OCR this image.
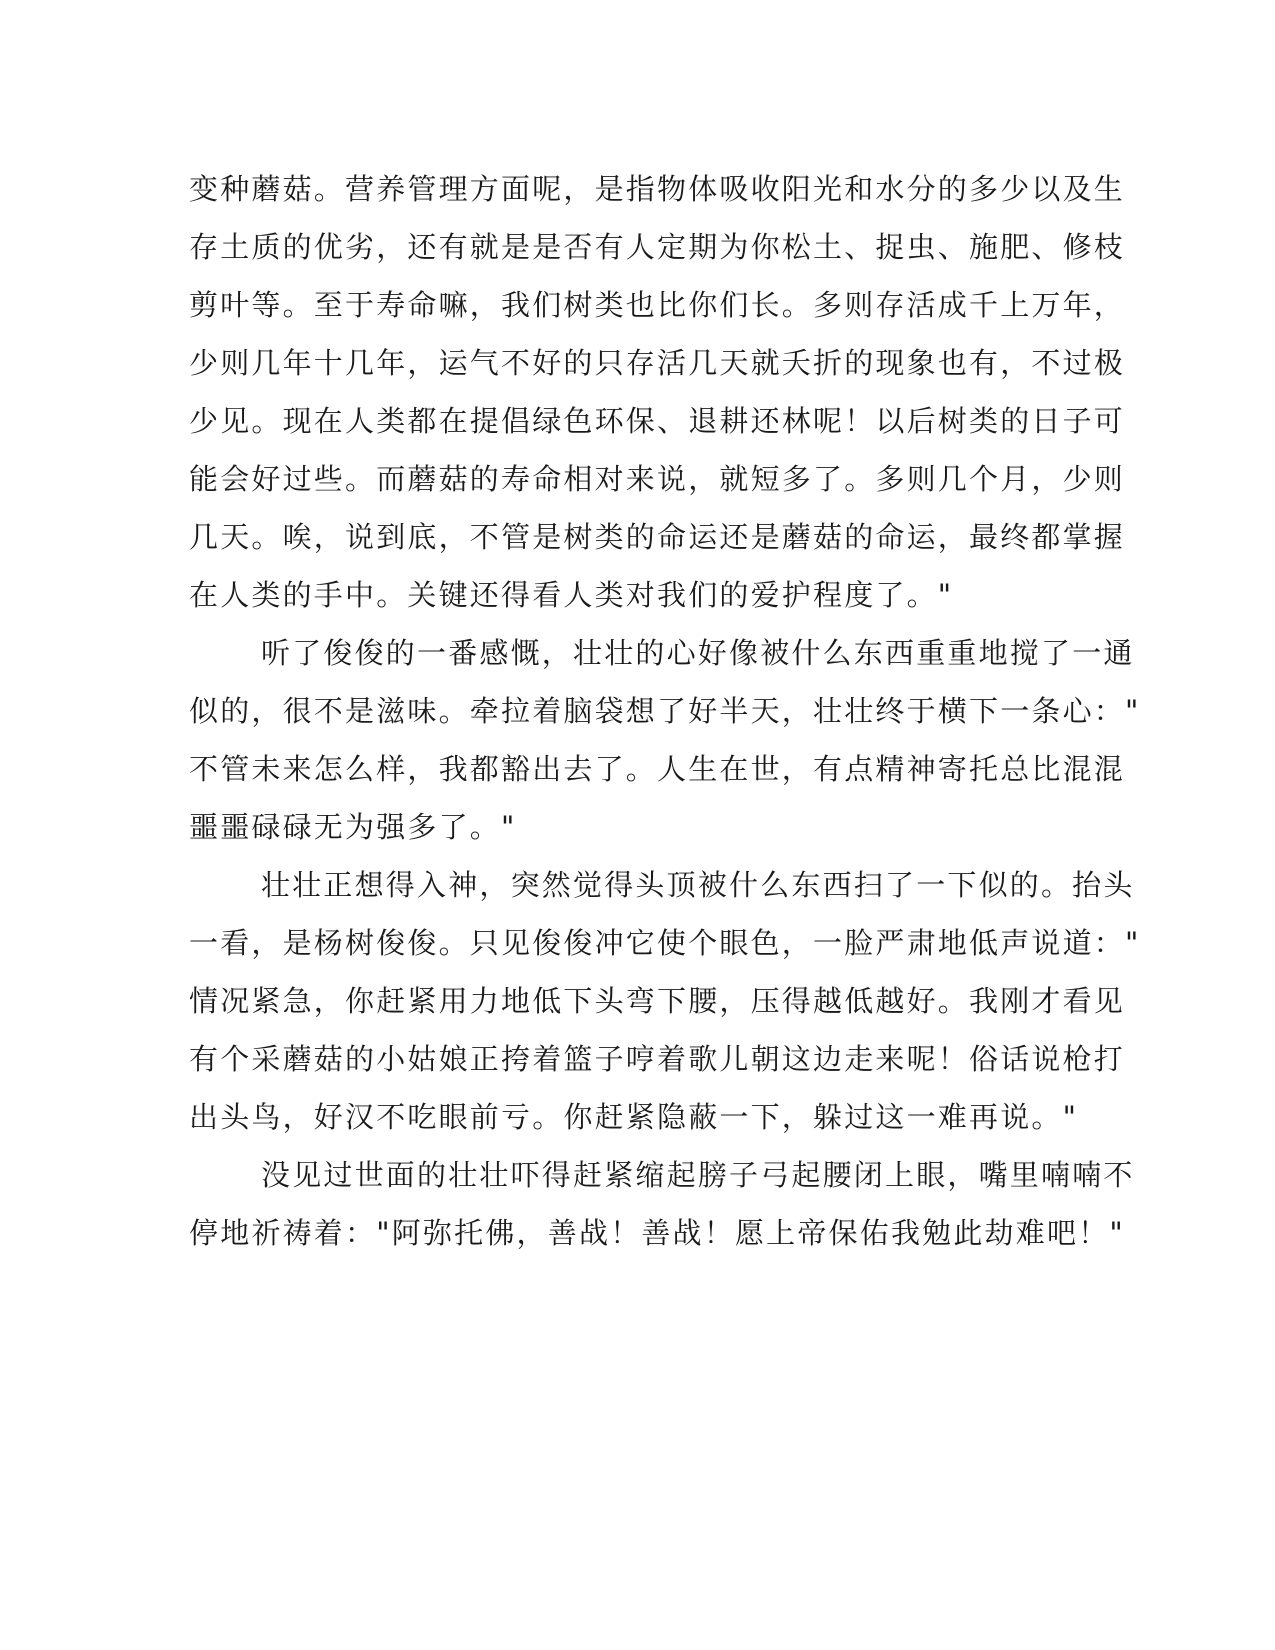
变种蘑菇。营养管理方面呢，是指物体吸收阳光和水分的多少以及生
存土质的优劣，还有就是是否有人定期为你松土、捉虫、施肥、修枝
剪叶等。至于寿命嘛，我们树类也比你们长。多则存活成千上万年，
少则几年十几年，运气不好的只存活几天就夭折的现象也有，不过极
少见。现在人类都在提倡绿色环保、退耕还林呢！以后树类的日子可
能会好过些。而蘑菇的寿命相对来说，就短多了。多则几个月，少则
几天。唉，说到底，不管是树类的命运还是蘑菇的命运，最终都掌握
在人类的手中。关键还得看人类对我们的爱护程度了。"
听了俊俊的一番感慨，壮壮的心好像被什么东西重重地搅了一通
似的，很不是滋味。牵拉着脑袋想了好半天，壮壮终于横下一条心："
不管未来怎么样，我都豁出去了。人生在世，有点精神寄托总比混混
噩噩碌碌无为强多了。"
壮壮正想得入神，突然觉得头顶被什么东西扫了一下似的。抬头
一看，是杨树俊俊。只见俊俊冲它使个眼色，一脸严肃地低声说道："
情况紧急，你赶紧用力地低下头弯下腰，压得越低越好。我刚才看见
有个采蘑菇的小姑娘正挎着篮子哼着歌儿朝这边走来呢！俗话说枪打
出头鸟，好汉不吃眼前亏。你赶紧隐蔽一下，躲过这一难再说。"
没见过世面的壮壮吓得赶紧缩起膀子弓起腰闭上眼，嘴里喃喃不
停地祈祷着："阿弥托佛，善战！善战！愿上帝保佑我勉此劫难吧！"
